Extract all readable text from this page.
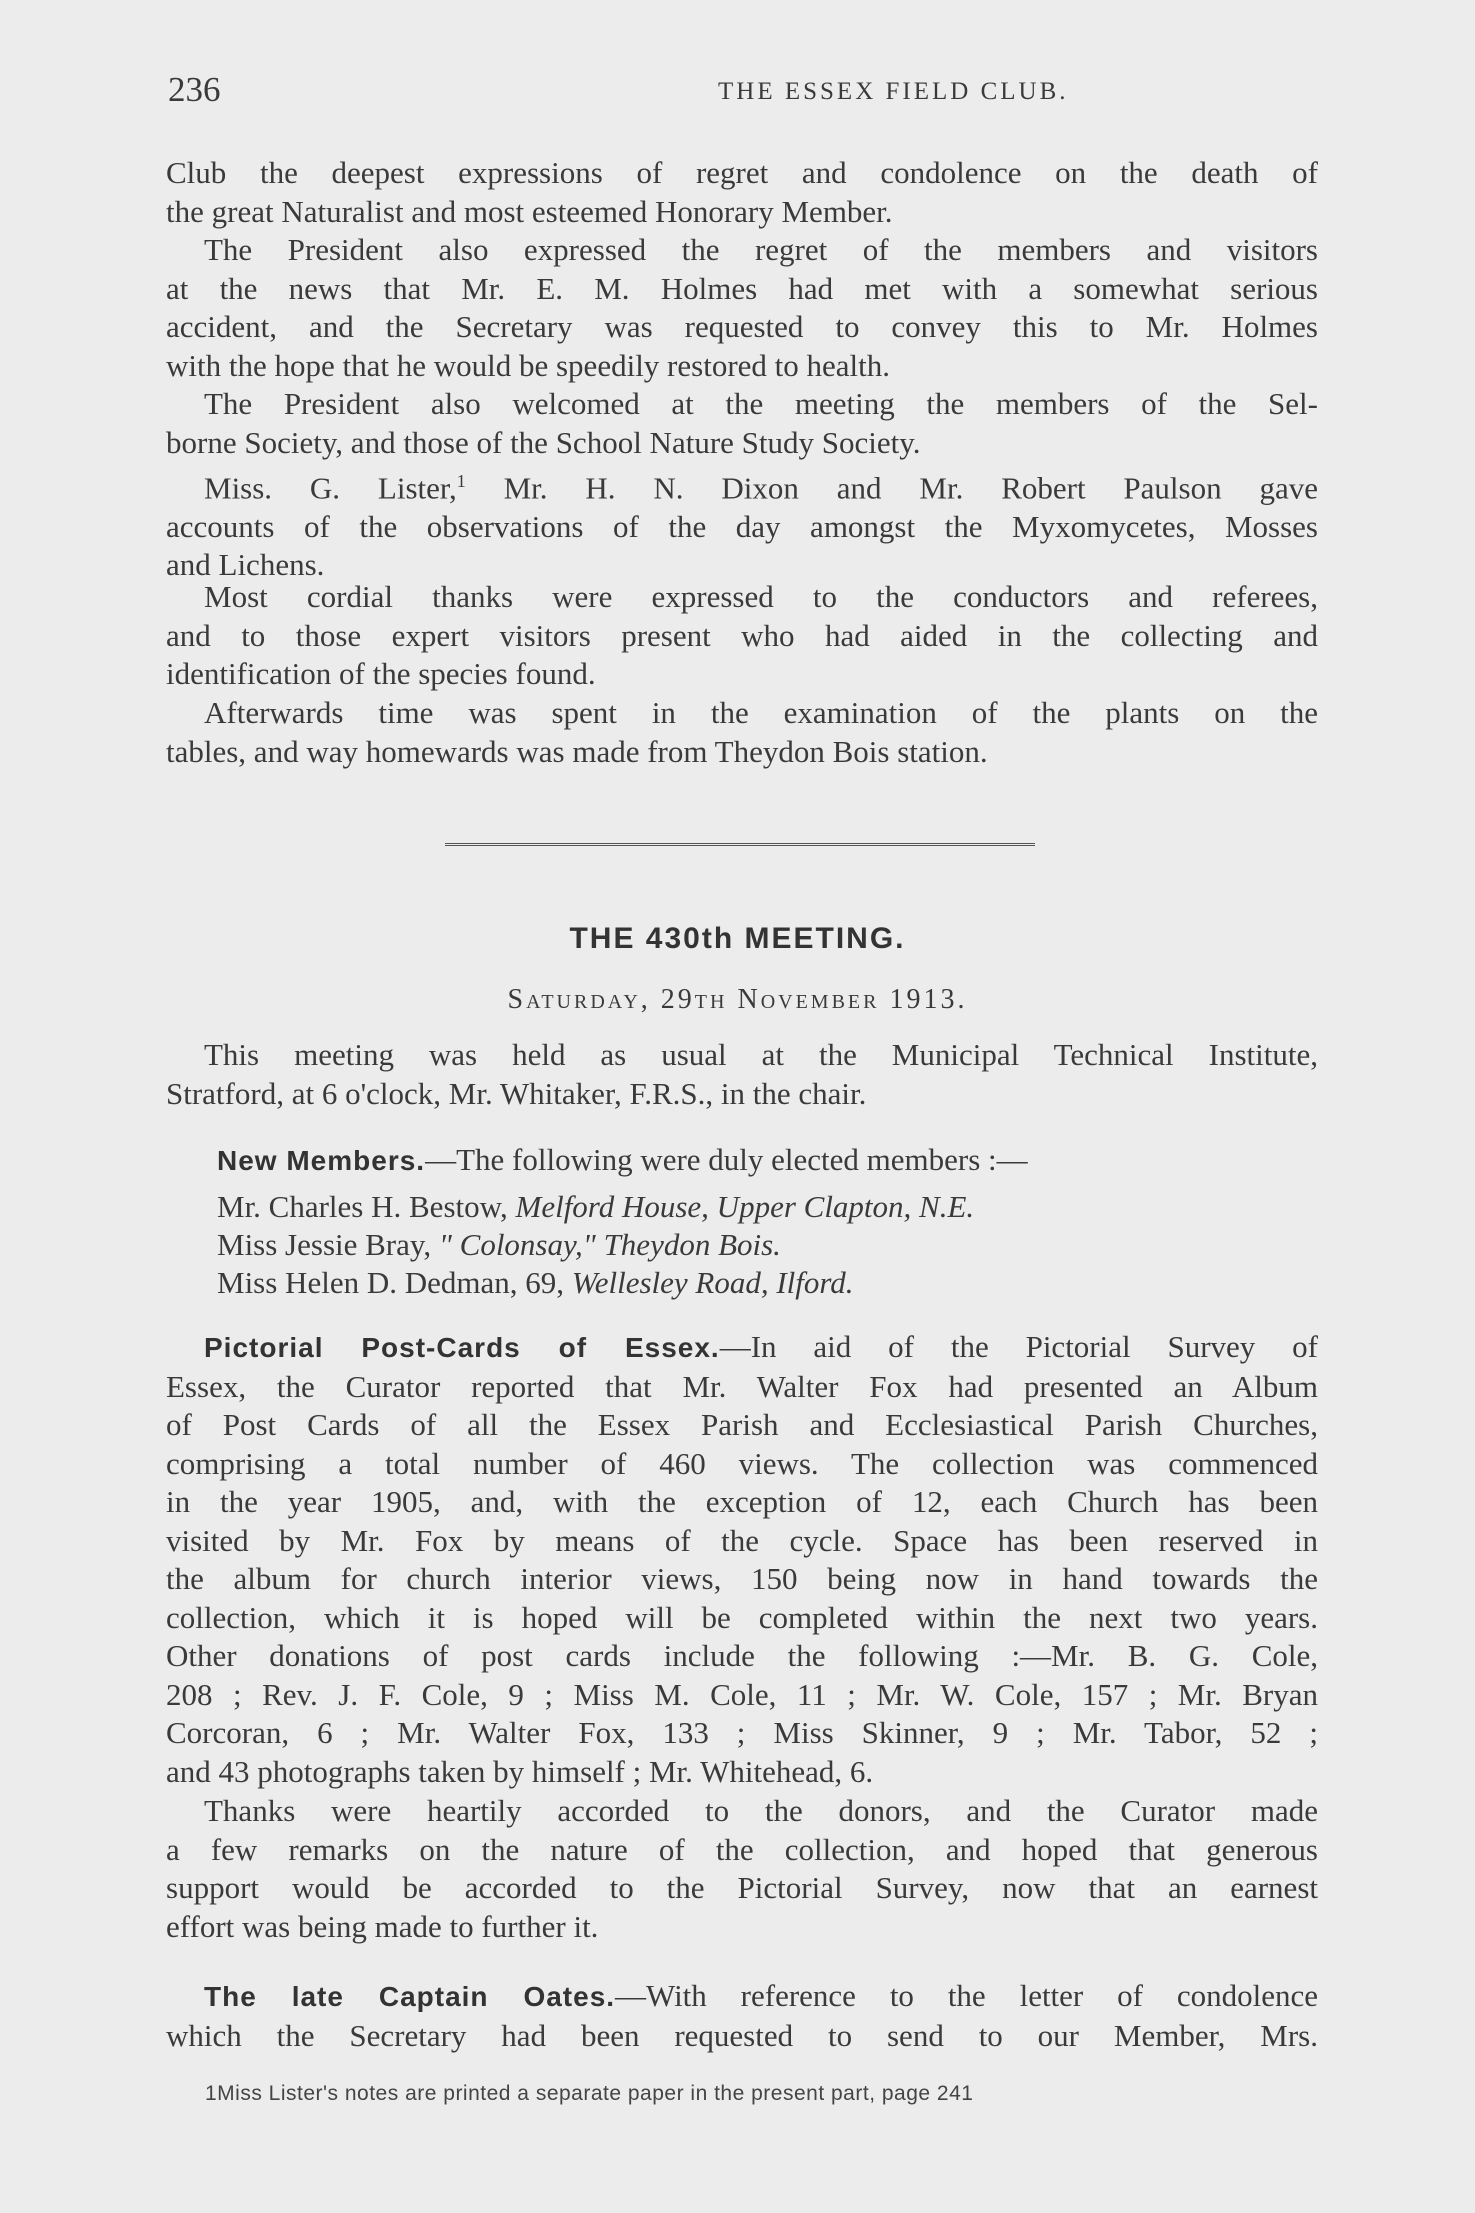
236	THE ESSEX FIELD CLUB.
Club the deepest expressions of regret and condolence on the death of
the great Naturalist and most esteemed Honorary Member.
The President also expressed the regret of the members and visitors
at the news that Mr. E. M. Holmes had met with a somewhat serious
accident, and the Secretary was requested to convey this to Mr. Holmes
with the hope that he would be speedily restored to health.
The President also welcomed at the meeting the members of the Sel-
borne Society, and those of the School Nature Study Society.
Miss. G. Lister,$^1$ Mr. H. N. Dixon and Mr. Robert Paulson gave
accounts of the observations of the day amongst the Myxomycetes, Mosses
and Lichens.
Most cordial thanks were expressed to the conductors and referees,
and to those expert visitors present who had aided in the collecting and
identification of the species found.
Afterwards time was spent in the examination of the plants on the
tables, and way homewards was made from Theydon Bois station.
THE 430th MEETING.
Saturday, 29th November 1913.
This meeting was held as usual at the Municipal Technical Institute,
Stratford, at 6 o'clock, Mr. Whitaker, F.R.S., in the chair.
New Members.—The following were duly elected members :—
Mr. Charles H. Bestow, Melford House, Upper Clapton, N.E.
Miss Jessie Bray, " Colonsay," Theydon Bois.
Miss Helen D. Dedman, 69, Wellesley Road, Ilford.
Pictorial Post-Cards of Essex.—In aid of the Pictorial Survey of
Essex, the Curator reported that Mr. Walter Fox had presented an Album
of Post Cards of all the Essex Parish and Ecclesiastical Parish Churches,
comprising a total number of 460 views. The collection was commenced
in the year 1905, and, with the exception of 12, each Church has been
visited by Mr. Fox by means of the cycle. Space has been reserved in
the album for church interior views, 150 being now in hand towards the
collection, which it is hoped will be completed within the next two years.
Other donations of post cards include the following :—Mr. B. G. Cole,
208 ; Rev. J. F. Cole, 9 ; Miss M. Cole, 11 ; Mr. W. Cole, 157 ; Mr. Bryan
Corcoran, 6 ; Mr. Walter Fox, 133 ; Miss Skinner, 9 ; Mr. Tabor, 52 ;
and 43 photographs taken by himself ; Mr. Whitehead, 6.
Thanks were heartily accorded to the donors, and the Curator made
a few remarks on the nature of the collection, and hoped that generous
support would be accorded to the Pictorial Survey, now that an earnest
effort was being made to further it.
The late Captain Oates.—With reference to the letter of condolence
which the Secretary had been requested to send to our Member, Mrs.
1Miss Lister's notes are printed a separate paper in the present part, page 241
